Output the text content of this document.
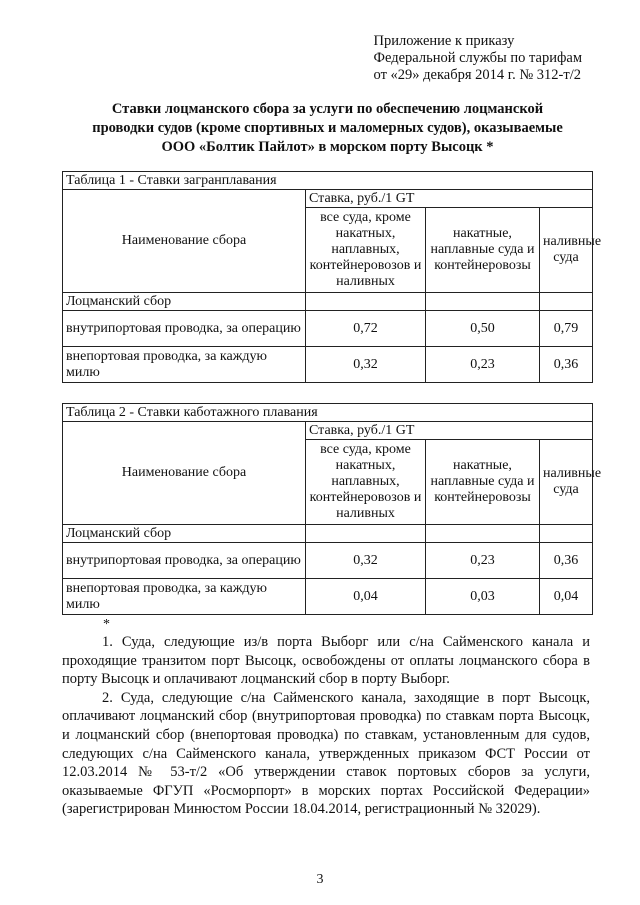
Приложение к приказу
Федеральной службы по тарифам
от «29» декабря 2014 г. № 312-т/2
Ставки лоцманского сбора за услуги по обеспечению лоцманской
проводки судов (кроме спортивных и маломерных судов), оказываемые
ООО «Болтик Пайлот» в морском порту Высоцк *
Таблица 1 - Ставки загранплавания			
Наименование сбора	Ставка, руб./1 GT		
	все суда, кроме накатных, наплавных, контейнеровозов и наливных	накатные, наплавные суда и контейнеровозы	наливные суда
Лоцманский сбор			
внутрипортовая проводка, за операцию	0,72	0,50	0,79
внепортовая проводка, за каждую милю	0,32	0,23	0,36
Таблица 2 - Ставки каботажного плавания			
Наименование сбора	Ставка, руб./1 GT		
	все суда, кроме накатных, наплавных, контейнеровозов и наливных	накатные, наплавные суда и контейнеровозы	наливные суда
Лоцманский сбор			
внутрипортовая проводка, за операцию	0,32	0,23	0,36
внепортовая проводка, за каждую милю	0,04	0,03	0,04
*

1. Суда, следующие из/в порта Выборг или с/на Сайменского канала и проходящие транзитом порт Высоцк, освобождены от оплаты лоцманского сбора в порту Высоцк и оплачивают лоцманский сбор в порту Выборг.

2. Суда, следующие с/на Сайменского канала, заходящие в порт Высоцк, оплачивают лоцманский сбор (внутрипортовая проводка) по ставкам порта Высоцк, и лоцманский сбор (внепортовая проводка) по ставкам, установленным для судов, следующих с/на Сайменского канала, утвержденных приказом ФСТ России от 12.03.2014 № 53-т/2 «Об утверждении ставок портовых сборов за услуги, оказываемые ФГУП «Росморпорт» в морских портах Российской Федерации» (зарегистрирован Минюстом России 18.04.2014, регистрационный № 32029).

3
